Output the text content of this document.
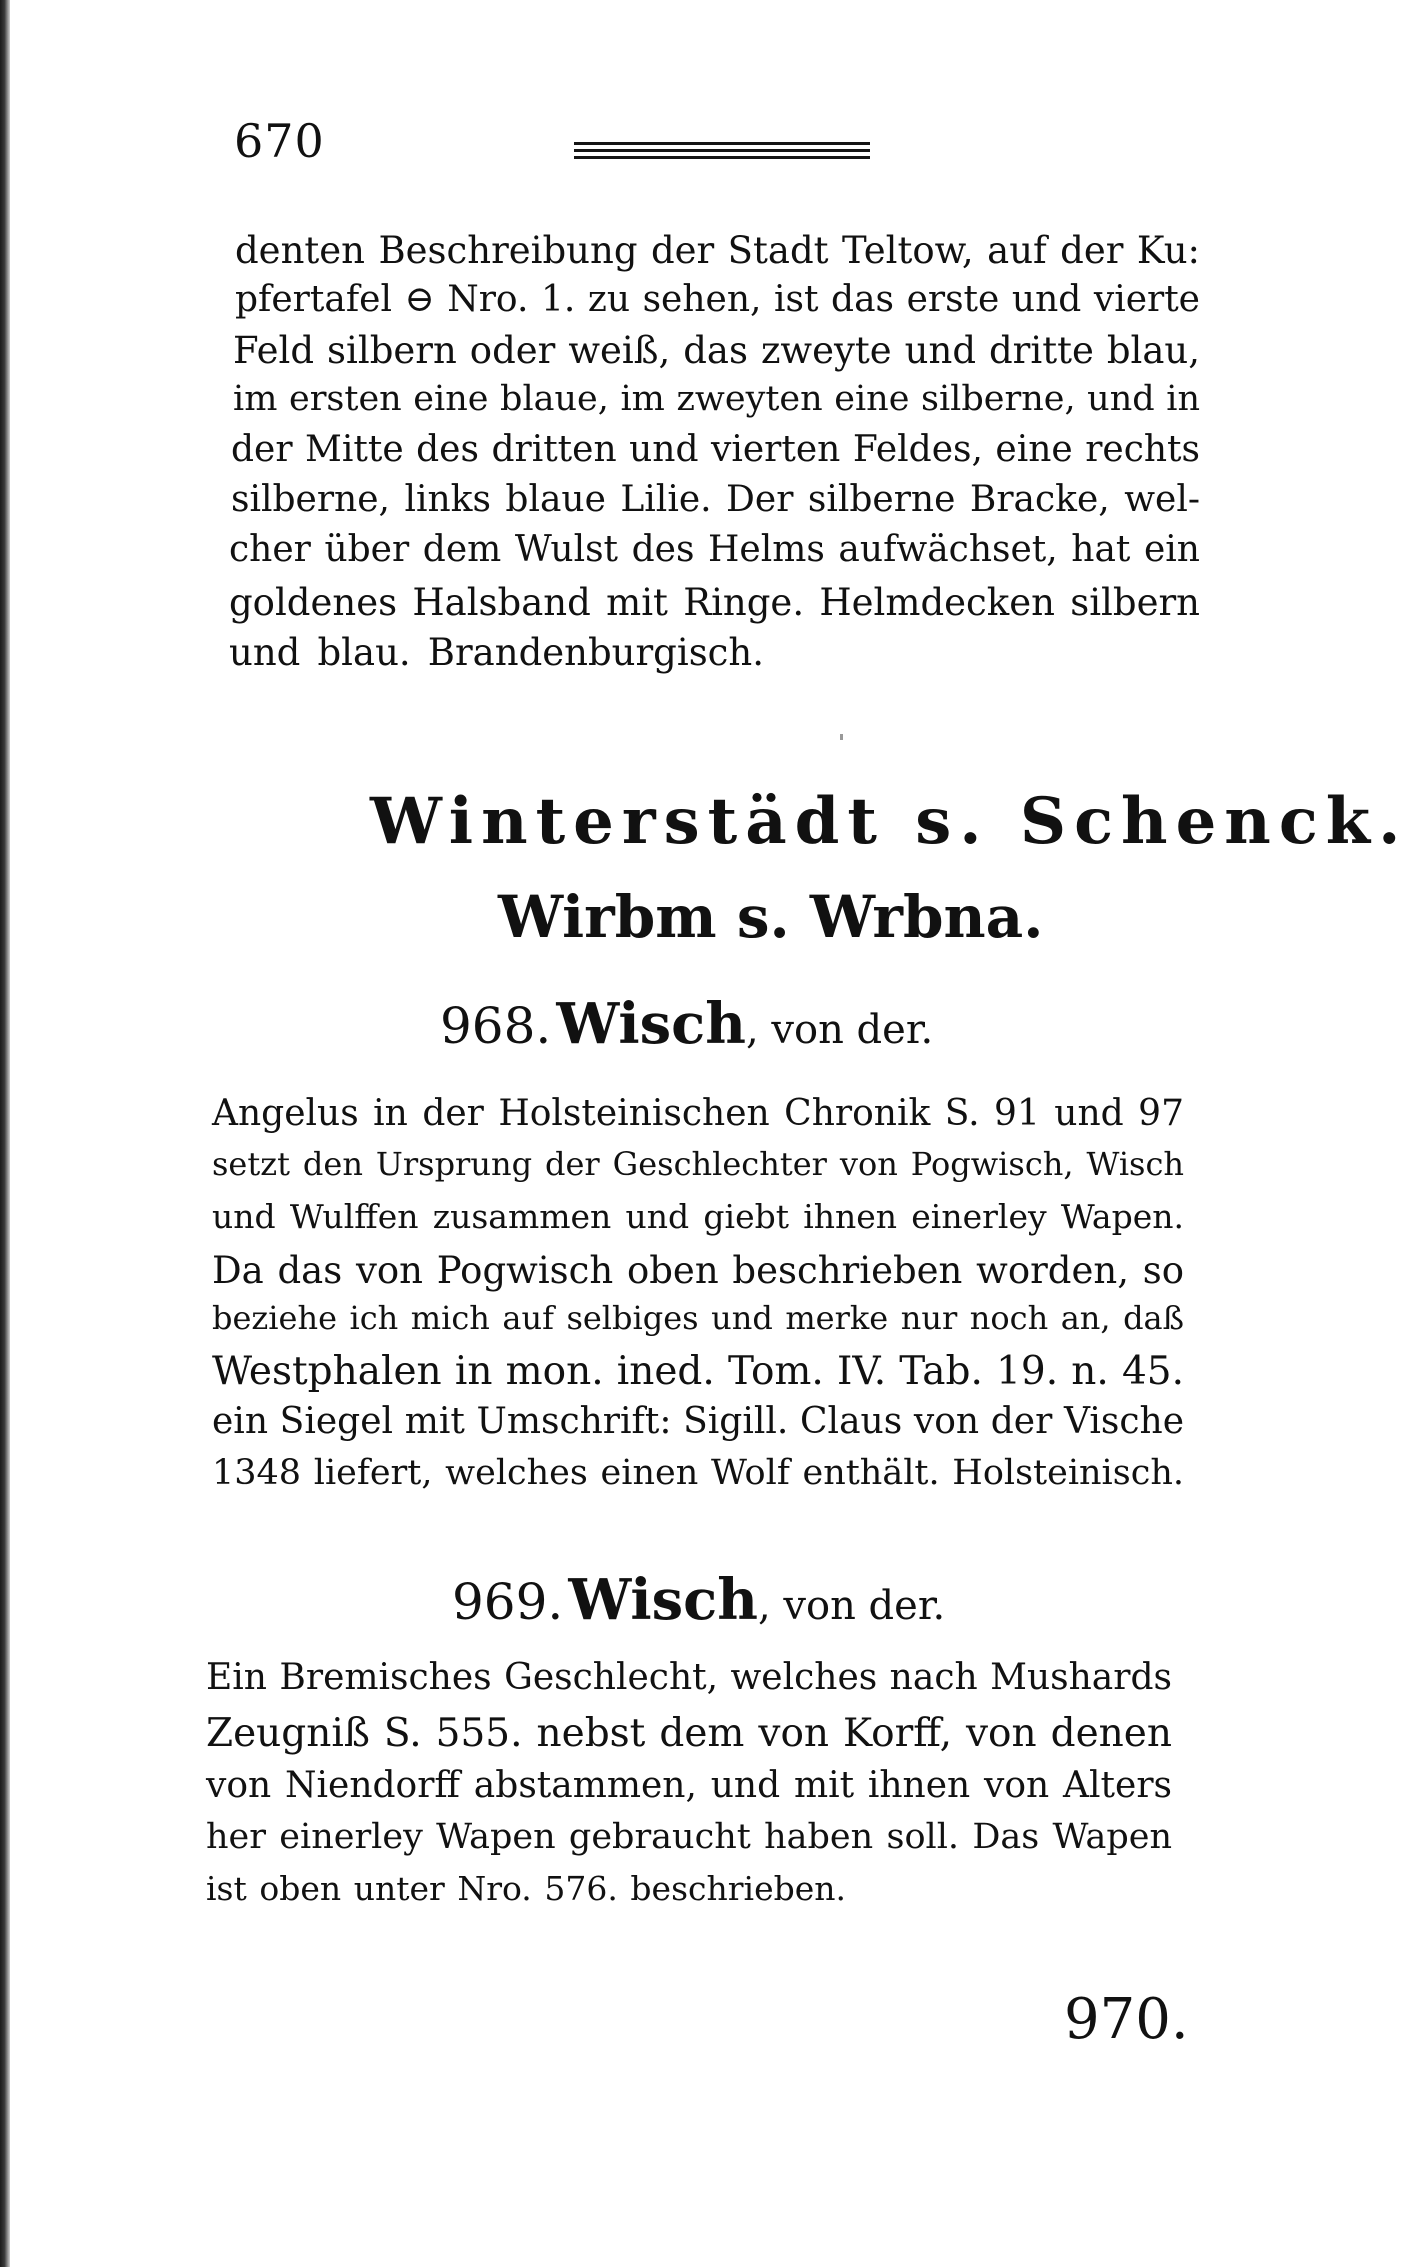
670
denten Beschreibung der Stadt Teltow, auf der Ku:
pfertafel ⊖ Nro. 1. zu sehen, ist das erste und vierte
Feld silbern oder weiß, das zweyte und dritte blau,
im ersten eine blaue, im zweyten eine silberne, und in
der Mitte des dritten und vierten Feldes, eine rechts
silberne, links blaue Lilie. Der silberne Bracke, wel-
cher über dem Wulst des Helms aufwächset, hat ein
goldenes Halsband mit Ringe. Helmdecken silbern
und blau. Brandenburgisch.
Winterstädt s. Schenck.
Wirbm s. Wrbna.
968. Wisch, von der.
Angelus in der Holsteinischen Chronik S. 91 und 97
setzt den Ursprung der Geschlechter von Pogwisch, Wisch
und Wulffen zusammen und giebt ihnen einerley Wapen.
Da das von Pogwisch oben beschrieben worden, so
beziehe ich mich auf selbiges und merke nur noch an, daß
Westphalen in mon. ined. Tom. IV. Tab. 19. n. 45.
ein Siegel mit Umschrift: Sigill. Claus von der Vische
1348 liefert, welches einen Wolf enthält. Holsteinisch.
969. Wisch, von der.
Ein Bremisches Geschlecht, welches nach Mushards
Zeugniß S. 555. nebst dem von Korff, von denen
von Niendorff abstammen, und mit ihnen von Alters
her einerley Wapen gebraucht haben soll. Das Wapen
ist oben unter Nro. 576. beschrieben.
970.
